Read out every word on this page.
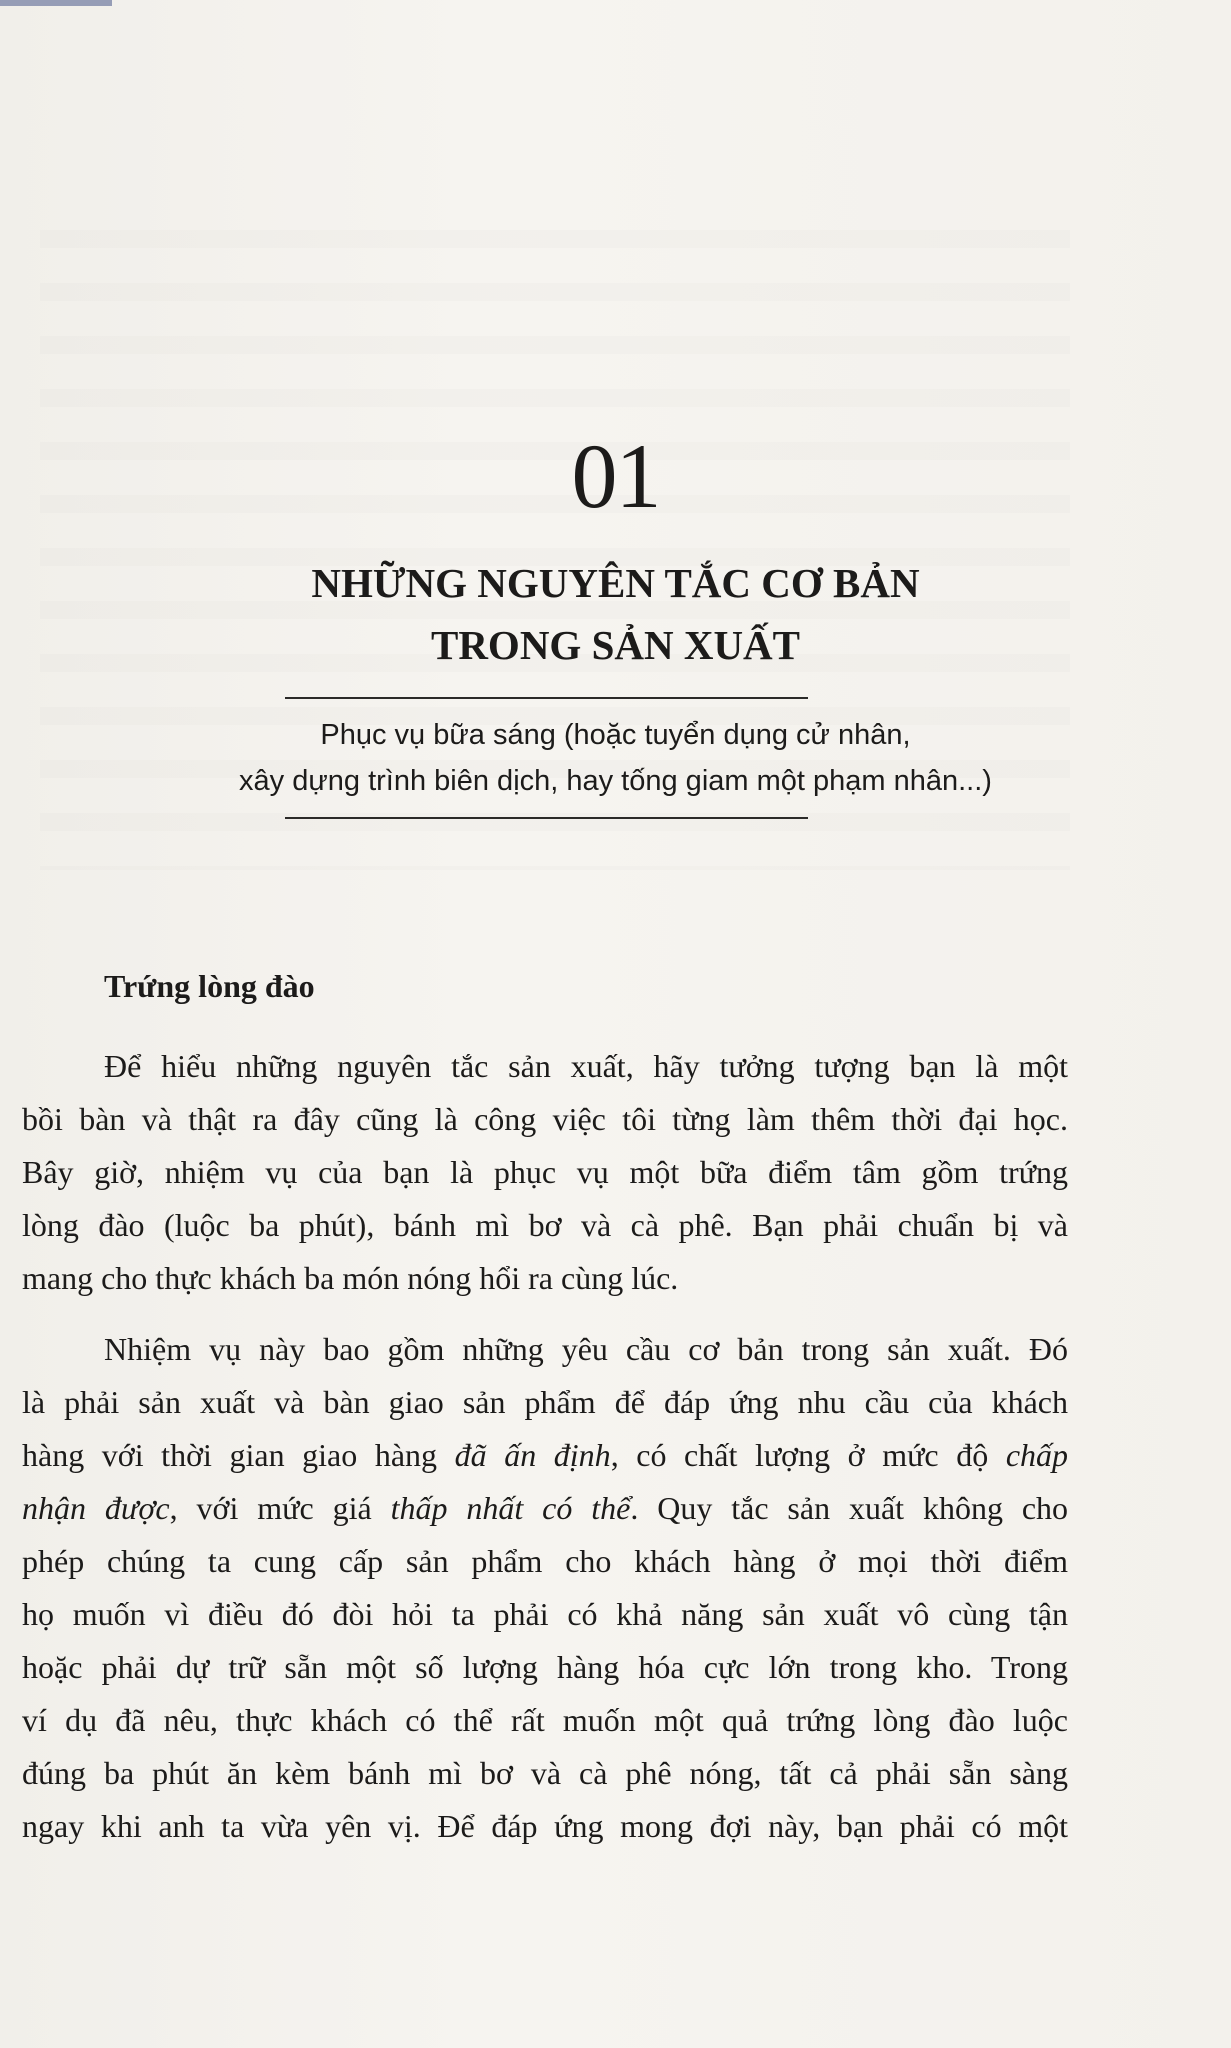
01
NHỮNG NGUYÊN TẮC CƠ BẢN
TRONG SẢN XUẤT
Phục vụ bữa sáng (hoặc tuyển dụng cử nhân,
xây dựng trình biên dịch, hay tống giam một phạm nhân...)
Trứng lòng đào
Để hiểu những nguyên tắc sản xuất, hãy tưởng tượng bạn là một
bồi bàn và thật ra đây cũng là công việc tôi từng làm thêm thời đại học.
Bây giờ, nhiệm vụ của bạn là phục vụ một bữa điểm tâm gồm trứng
lòng đào (luộc ba phút), bánh mì bơ và cà phê. Bạn phải chuẩn bị và
mang cho thực khách ba món nóng hổi ra cùng lúc.
Nhiệm vụ này bao gồm những yêu cầu cơ bản trong sản xuất. Đó
là phải sản xuất và bàn giao sản phẩm để đáp ứng nhu cầu của khách
hàng với thời gian giao hàng đã ấn định, có chất lượng ở mức độ chấp
nhận được, với mức giá thấp nhất có thể. Quy tắc sản xuất không cho
phép chúng ta cung cấp sản phẩm cho khách hàng ở mọi thời điểm
họ muốn vì điều đó đòi hỏi ta phải có khả năng sản xuất vô cùng tận
hoặc phải dự trữ sẵn một số lượng hàng hóa cực lớn trong kho. Trong
ví dụ đã nêu, thực khách có thể rất muốn một quả trứng lòng đào luộc
đúng ba phút ăn kèm bánh mì bơ và cà phê nóng, tất cả phải sẵn sàng
ngay khi anh ta vừa yên vị. Để đáp ứng mong đợi này, bạn phải có một
